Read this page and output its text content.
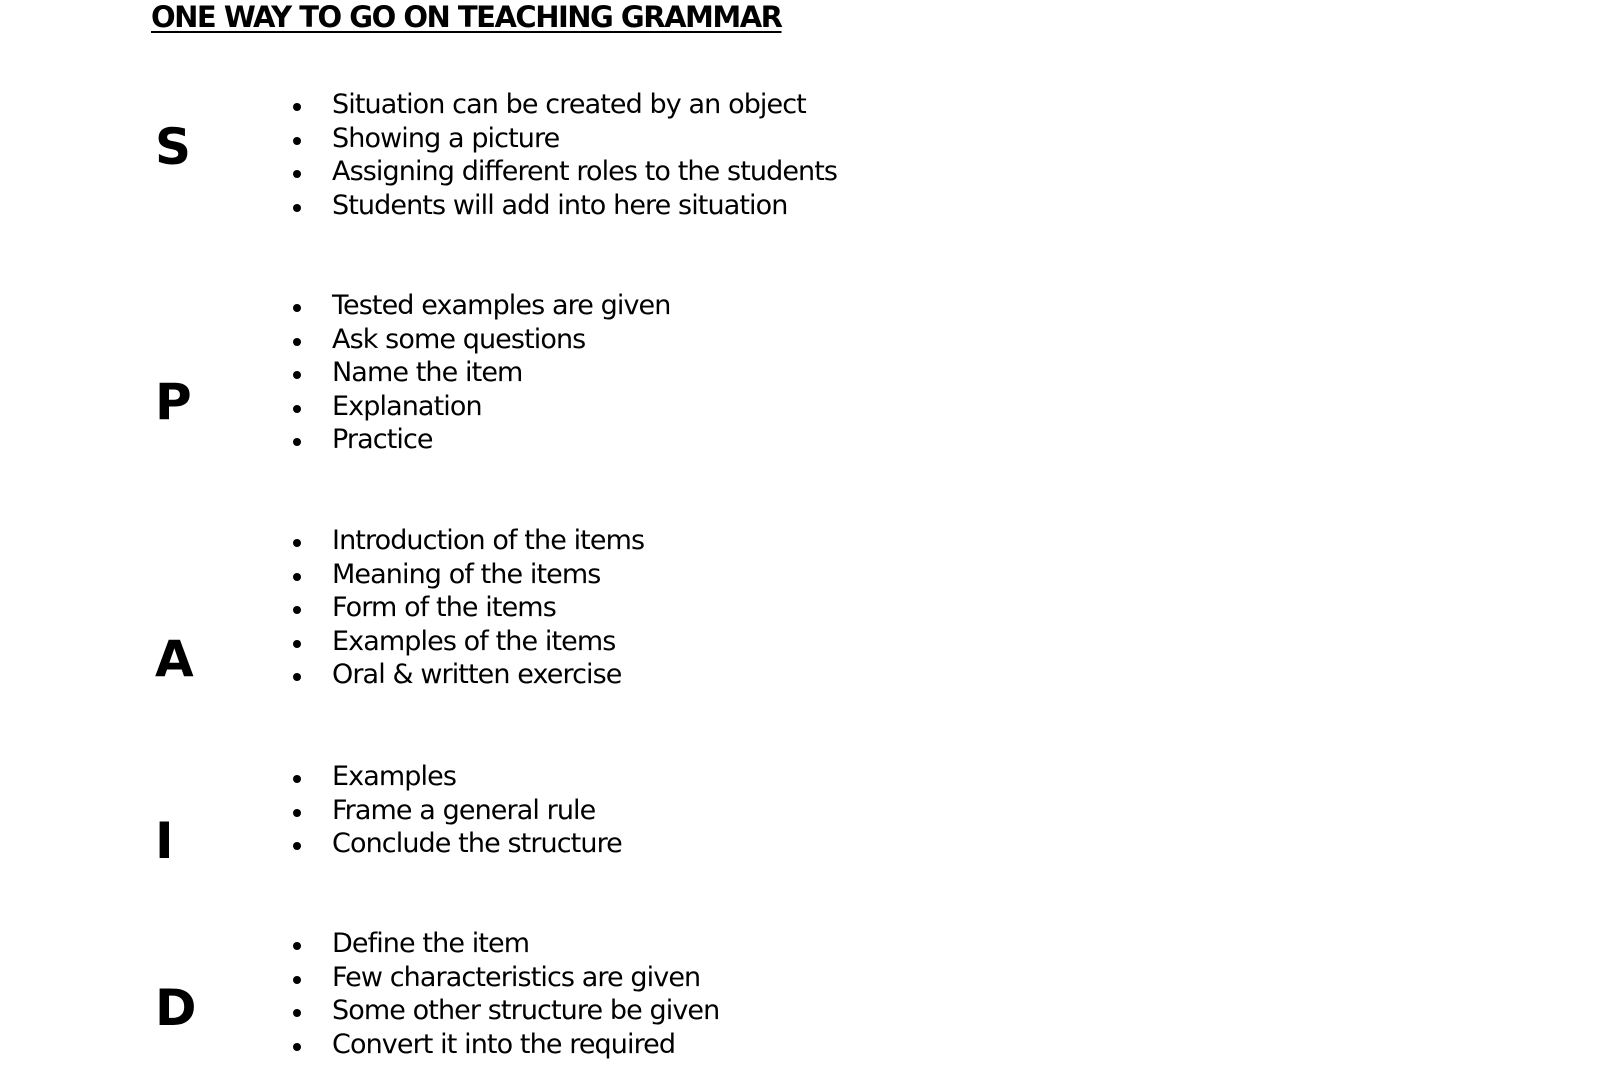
ONE WAY TO GO ON TEACHING GRAMMAR
S
Situation can be created by an object
Showing a picture
Assigning different roles to the students
Students will add into here situation
P
Tested examples are given
Ask some questions
Name the item
Explanation
Practice
A
Introduction of the items
Meaning of the items
Form of the items
Examples of the items
Oral & written exercise
I
Examples
Frame a general rule
Conclude the structure
D
Define the item
Few characteristics are given
Some other structure be given
Convert it into the required
